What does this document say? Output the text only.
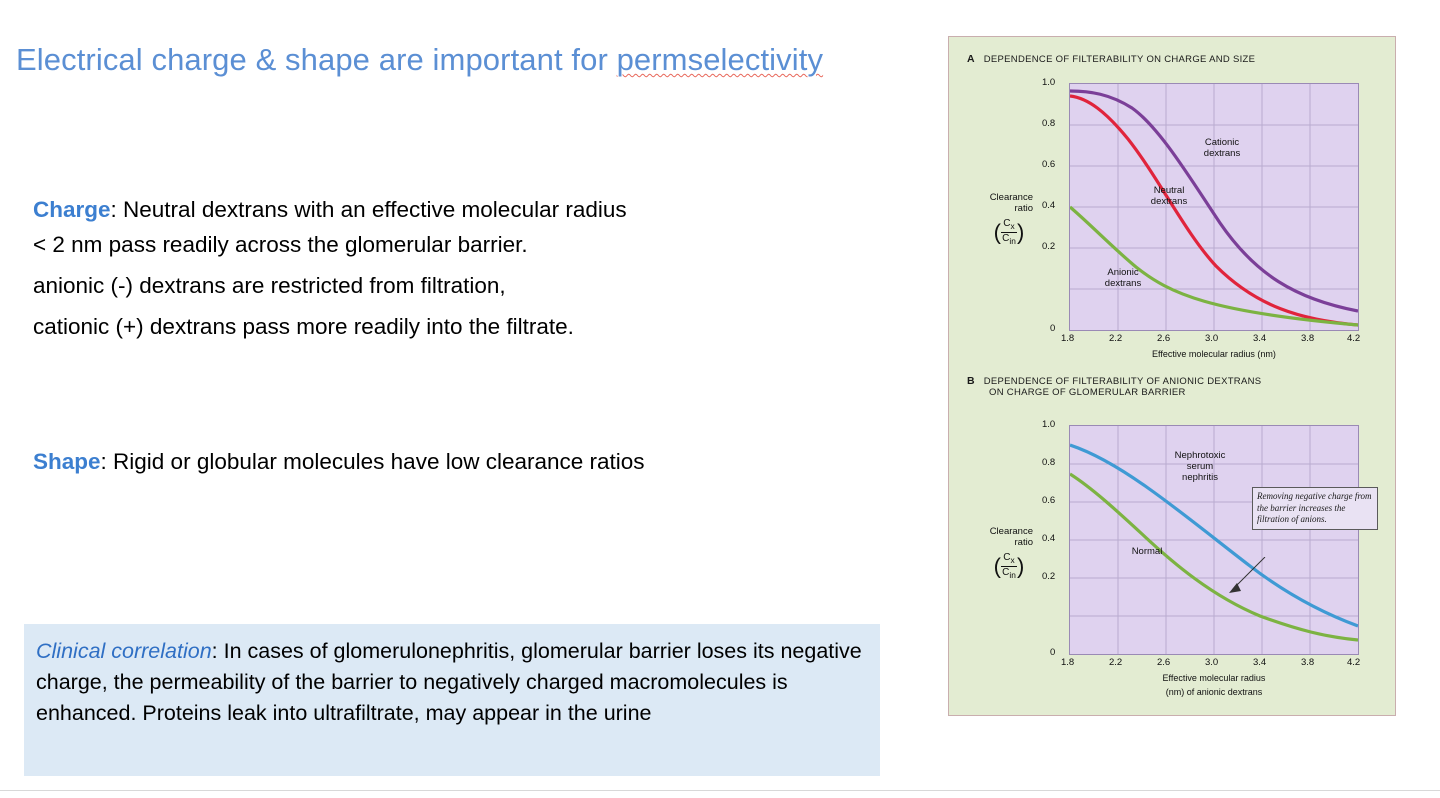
Electrical charge & shape are important for permselectivity

Charge: Neutral dextrans with an effective molecular radius

< 2 nm pass readily across the glomerular barrier.

anionic (-) dextrans are restricted from filtration,

cationic (+) dextrans pass more readily into the filtrate.

Shape: Rigid or globular molecules have low clearance ratios

Clinical correlation: In cases of glomerulonephritis, glomerular barrier loses its negative charge, the permeability of the barrier to negatively charged macromolecules is enhanced. Proteins leak into ultrafiltrate, may appear in the urine
A DEPENDENCE OF FILTERABILITY ON CHARGE AND SIZE
Cationic
dextrans
Neutral
dextrans
Anionic
dextrans
Clearance
ratio
( $C_x$
$C_{in}$)
1.0
0.8
0.6
0.4
0.2
0
1.8	2.2	2.6	3.0	3.4	3.8	4.2
Effective molecular radius (nm)
B DEPENDENCE OF FILTERABILITY OF ANIONIC DEXTRANS
ON CHARGE OF GLOMERULAR BARRIER
Nephrotoxic
serum
nephritis
Normal
Removing negative charge from the barrier increases the filtration of anions.
Clearance
ratio
( $C_x$
$C_{in}$)
1.0
0.8
0.6
0.4
0.2
0
1.8	2.2	2.6	3.0	3.4	3.8	4.2
Effective molecular radius
(nm) of anionic dextrans
